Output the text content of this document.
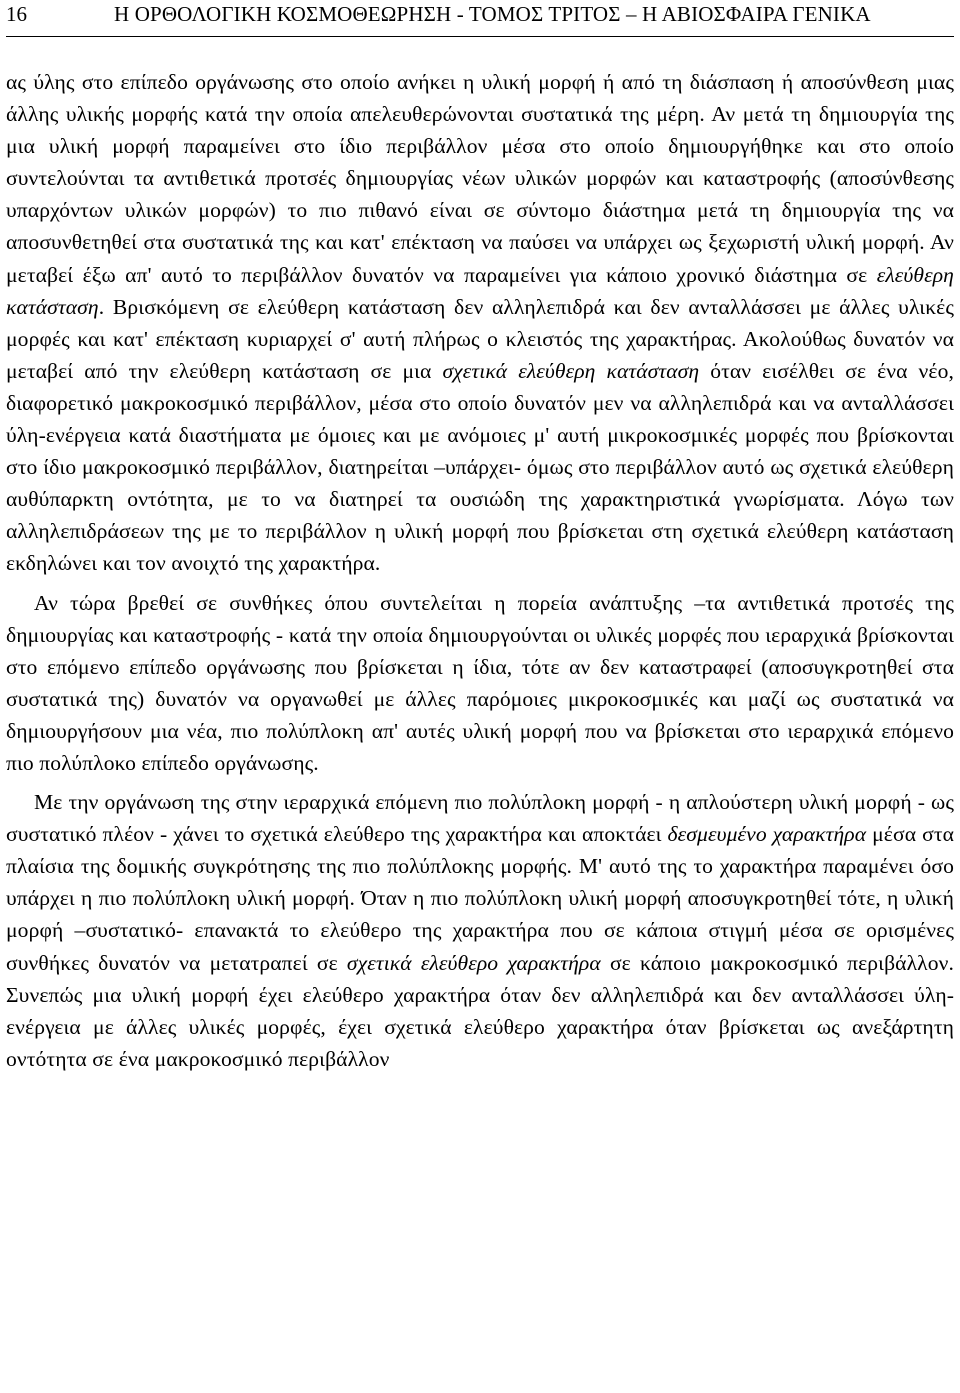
16	Η ΟΡΘΟΛΟΓΙΚΗ ΚΟΣΜΟΘΕΩΡΗΣΗ - ΤΟΜΟΣ ΤΡΙΤΟΣ – Η ΑΒΙΟΣΦΑΙΡΑ ΓΕΝΙΚΑ

ας ύλης στο επίπεδο οργάνωσης στο οποίο ανήκει η υλική μορφή ή από τη διάσπαση ή αποσύνθεση μιας άλλης υλικής μορφής κατά την οποία απελευθερώνονται συστατικά της μέρη. Αν μετά τη δημιουργία της μια υλική μορφή παραμείνει στο ίδιο περιβάλλον μέσα στο οποίο δημιουργήθηκε και στο οποίο συντελούνται τα αντιθετικά προτσές δημιουργίας νέων υλικών μορφών και καταστροφής (αποσύνθεσης υπαρχόντων υλικών μορφών) το πιο πιθανό είναι σε σύντομο διάστημα μετά τη δημιουργία της να αποσυνθετηθεί στα συστατικά της και κατ' επέκταση να παύσει να υπάρχει ως ξεχωριστή υλική μορφή. Αν μεταβεί έξω απ' αυτό το περιβάλλον δυνατόν να παραμείνει για κάποιο χρονικό διάστημα σε ελεύθερη κατάσταση. Βρισκόμενη σε ελεύθερη κατάσταση δεν αλληλεπιδρά και δεν ανταλλάσσει με άλλες υλικές μορφές και κατ' επέκταση κυριαρχεί σ' αυτή πλήρως ο κλειστός της χαρακτήρας. Ακολούθως δυνατόν να μεταβεί από την ελεύθερη κατάσταση σε μια σχετικά ελεύθερη κατάσταση όταν εισέλθει σε ένα νέο, διαφορετικό μακροκοσμικό περιβάλλον, μέσα στο οποίο δυνατόν μεν να αλληλεπιδρά και να ανταλλάσσει ύλη-ενέργεια κατά διαστήματα με όμοιες και με ανόμοιες μ' αυτή μικροκοσμικές μορφές που βρίσκονται στο ίδιο μακροκοσμικό περιβάλλον, διατηρείται –υπάρχει- όμως στο περιβάλλον αυτό ως σχετικά ελεύθερη αυθύπαρκτη οντότητα, με το να διατηρεί τα ουσιώδη της χαρακτηριστικά γνωρίσματα. Λόγω των αλληλεπιδράσεων της με το περιβάλλον η υλική μορφή που βρίσκεται στη σχετικά ελεύθερη κατάσταση εκδηλώνει και τον ανοιχτό της χαρακτήρα.

Αν τώρα βρεθεί σε συνθήκες όπου συντελείται η πορεία ανάπτυξης –τα αντιθετικά προτσές της δημιουργίας και καταστροφής - κατά την οποία δημιουργούνται οι υλικές μορφές που ιεραρχικά βρίσκονται στο επόμενο επίπεδο οργάνωσης που βρίσκεται η ίδια, τότε αν δεν καταστραφεί (αποσυγκροτηθεί στα συστατικά της) δυνατόν να οργανωθεί με άλλες παρόμοιες μικροκοσμικές και μαζί ως συστατικά να δημιουργήσουν μια νέα, πιο πολύπλοκη απ' αυτές υλική μορφή που να βρίσκεται στο ιεραρχικά επόμενο πιο πολύπλοκο επίπεδο οργάνωσης.

Με την οργάνωση της στην ιεραρχικά επόμενη πιο πολύπλοκη μορφή - η απλούστερη υλική μορφή - ως συστατικό πλέον - χάνει το σχετικά ελεύθερο της χαρακτήρα και αποκτάει δεσμευμένο χαρακτήρα μέσα στα πλαίσια της δομικής συγκρότησης της πιο πολύπλοκης μορφής. Μ' αυτό της το χαρακτήρα παραμένει όσο υπάρχει η πιο πολύπλοκη υλική μορφή. Όταν η πιο πολύπλοκη υλική μορφή αποσυγκροτηθεί τότε, η υλική μορφή –συστατικό- επανακτά το ελεύθερο της χαρακτήρα που σε κάποια στιγμή μέσα σε ορισμένες συνθήκες δυνατόν να μετατραπεί σε σχετικά ελεύθερο χαρακτήρα σε κάποιο μακροκοσμικό περιβάλλον. Συνεπώς μια υλική μορφή έχει ελεύθερο χαρακτήρα όταν δεν αλληλεπιδρά και δεν ανταλλάσσει ύλη-ενέργεια με άλλες υλικές μορφές, έχει σχετικά ελεύθερο χαρακτήρα όταν βρίσκεται ως ανεξάρτητη οντότητα σε ένα μακροκοσμικό περιβάλλον
